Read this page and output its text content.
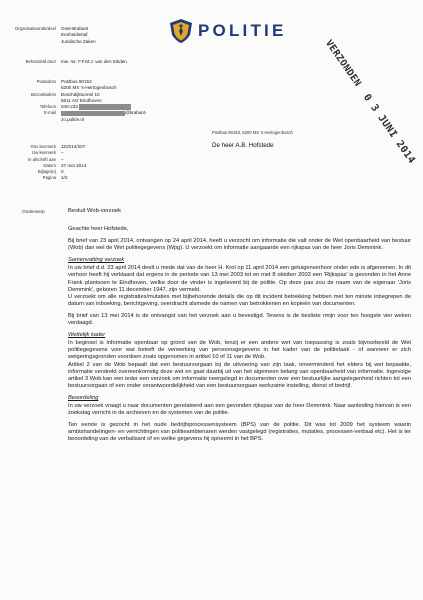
Organisatieonderdeel	Oost-Brabant
Eenheidsstaf
Juridische Zaken
Behandeld door	mw. mr. F.F.M.J. van den Eikden
Postadres	Postbus 90153
5200 MS 's-Hertogenbosch
Bezoekadres	Boschdijktunnel 10
5611 AG Eindhoven
Telefoon	040-233
E-mail	@brabant-
zo.politie.nl
Ons kenmerk	JZ2014/207
Uw kenmerk	–
In afschrift aan	–
Datum	27 mei 2014
Bijlage(n)	0
Pagina	1/2
POLITIE
VERZONDEN 0 3 JUNI 2014
Postbus 90153, 5200 MS 's-Hertogenbosch
De heer A.B. Hofstede
Onderwerp	Besluit Wob-verzoek

Geachte heer Hofstede,

Bij brief van 23 april 2014, ontvangen op 24 april 2014, heeft u verzocht om informatie die valt onder de Wet openbaarheid van bestuur (Wob) dan wel de Wet politiegegevens (Wpg). U verzoekt om informatie aangaande een rijkspas van de heer Joris Demmink.

Samenvatting verzoek

In uw brief d.d. 23 april 2014 deelt u mede dat van de heer H. Krol op 11 april 2014 een getuigenverhoor onder ede is afgenomen. In dit verhoor heeft hij verklaard dat ergens in de periode van 13 mei 2003 tot en met 8 oktober 2003 een 'Rijkspas' is gevonden in het Anne Frank plantsoen te Eindhoven, welke door de vinder is ingeleverd bij de politie. Op deze pas zou de naam van de eigenaar 'Joris Demmink', geboren 11 december 1947, zijn vermeld.

U verzoekt om alle registraties/mutaties met bijbehorende details die op dit incident betrekking hebben met ten minste inbegrepen de datum van inboeking, berichtgeving, overdracht alsmede de namen van betrokkenen en kopieën van documenten.

Bij brief van 13 mei 2014 is de ontvangst van het verzoek aan u bevestigd. Tevens is de besliste rmijn voor ten hoogste vier weken verdaagd.

Wettelijk kader

In beginsel is informatie openbaar op grond van de Wob, tenzij er een andere wet van toepassing is zoals bijvoorbeeld de Wet politiegegevens voor wat betreft de verwerking van persoonsgegevens in het kader van de politietaak - of wanneer er zich weigeringsgronden voordoen zoals opgenomen in artikel 10 of 11 van de Wob.

Artikel 2 van de Wob bepaalt dat een bestuursorgaan bij de uitvoering van zijn taak, onverminderd het elders bij wet bepaalde, informatie verstrekt overeenkomstig deze wet en gaat daarbij uit van het algemeen belang van openbaarheid van informatie. Ingevolge artikel 3 Wob kan een ieder een verzoek om informatie neergelegd in documenten over een bestuurlijke aangelegenheid richten tot een bestuursorgaan of een onder verantwoordelijkheid van een bestuursorgaan werkzame instelling, dienst of bedrijf.

Beoordeling

In uw verzoek vraagt u naar documenten gerelateerd aan een gevonden rijkspas van de heer Demmink. Naar aanleiding hiervan is een zoekslag verricht in de archieven en de systemen van de politie.

Ten eerste is gezocht in het oude bedrijfsprocessensysteem (BPS) van de politie. Dit was tot 2009 het systeem waarin ambtshandelingen- en verrichtingen van politieambtenaren werden vastgelegd (registraties, mutaties, processen-verbaal etc). Het is ter beoordeling van de verbalisant of en welke gegevens hij opneemt in het BPS.
